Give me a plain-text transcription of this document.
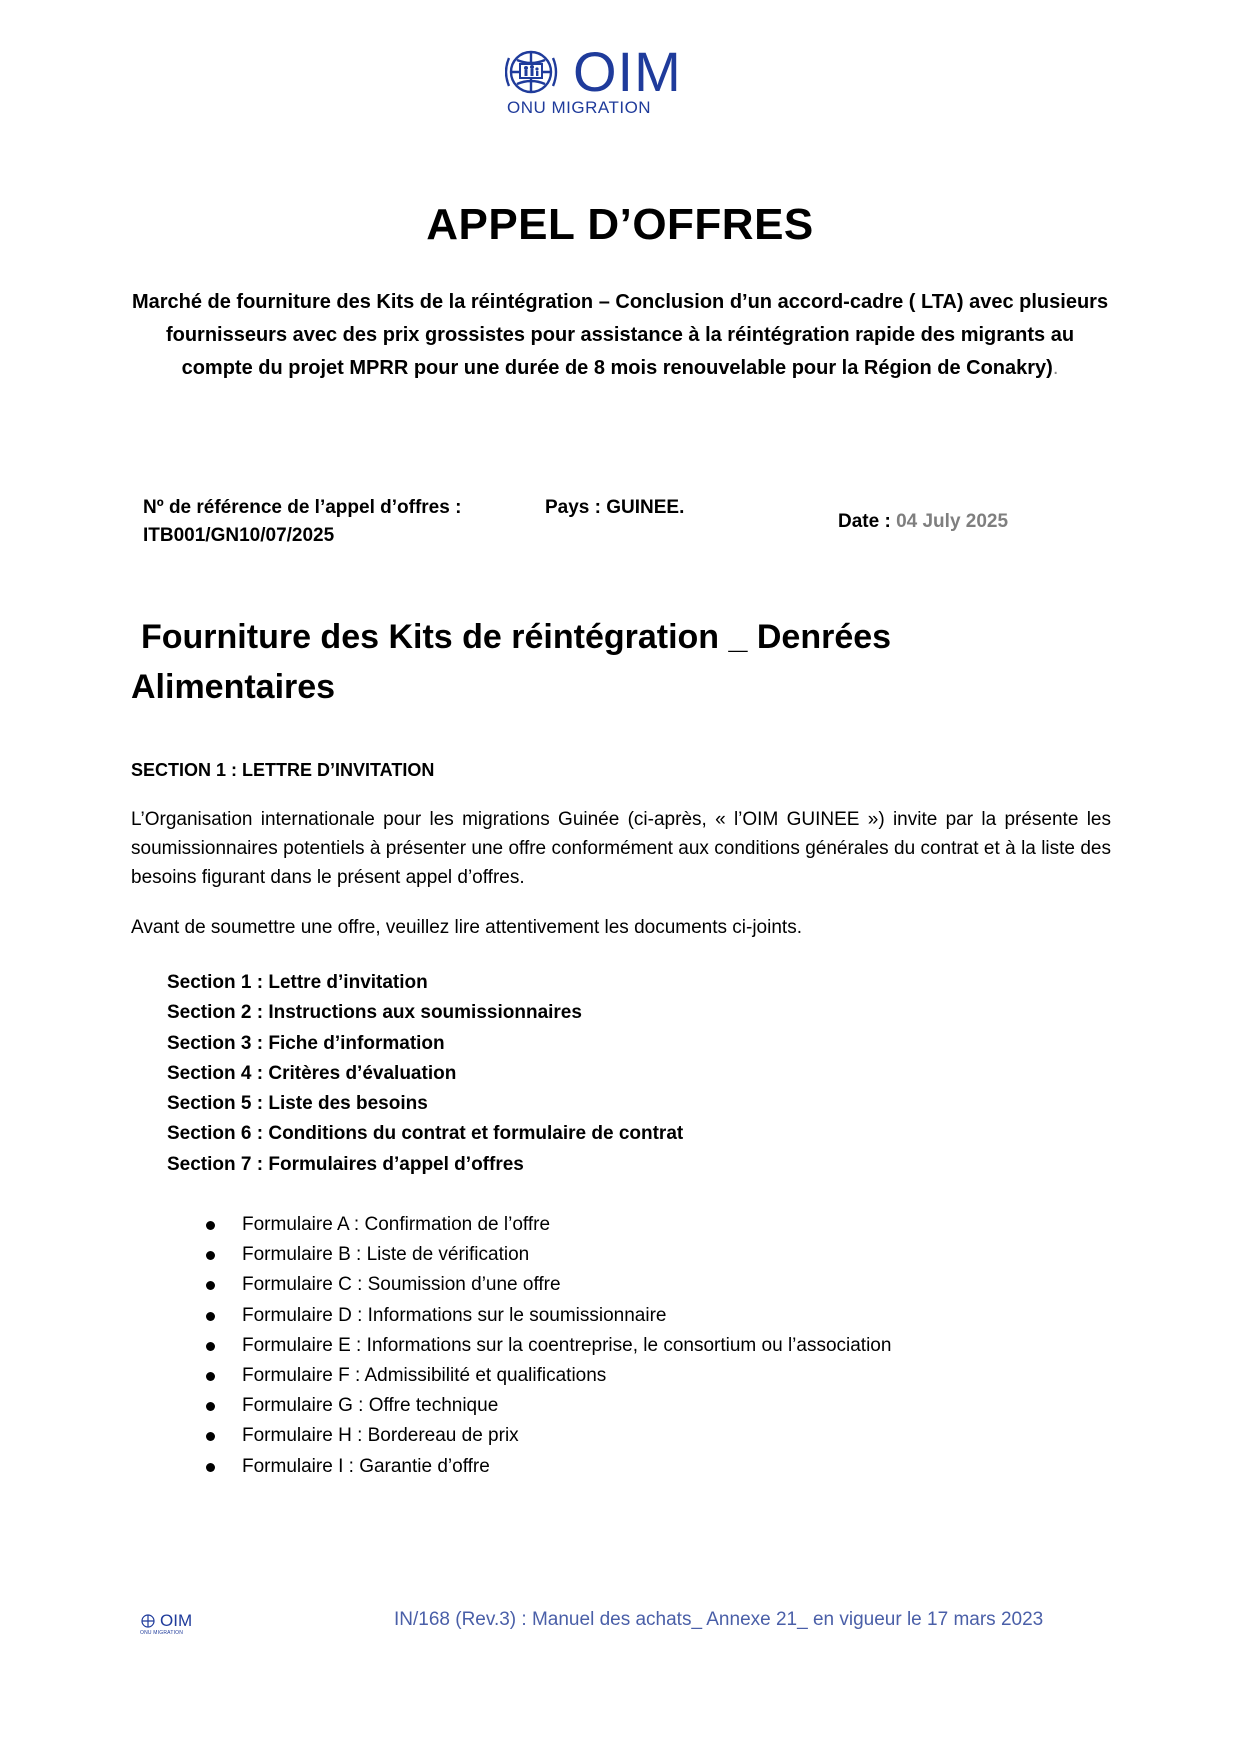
OIM
ONU MIGRATION
APPEL D’OFFRES
Marché de fourniture des Kits de la réintégration – Conclusion d’un accord-cadre ( LTA) avec plusieurs fournisseurs avec des prix grossistes pour assistance à la réintégration rapide des migrants au compte du projet MPRR pour une durée de 8 mois renouvelable pour la Région de Conakry).
Nº de référence de l’appel d’offres :
ITB001/GN10/07/2025
Pays : GUINEE.
Date : 04 July 2025
Fourniture des Kits de réintégration _ Denrées
Alimentaires
SECTION 1 : LETTRE D’INVITATION
L’Organisation internationale pour les migrations Guinée (ci-après, « l’OIM GUINEE ») invite par la présente les soumissionnaires potentiels à présenter une offre conformément aux conditions générales du contrat et à la liste des besoins figurant dans le présent appel d’offres.
Avant de soumettre une offre, veuillez lire attentivement les documents ci-joints.
Section 1 : Lettre d’invitation
Section 2 : Instructions aux soumissionnaires
Section 3 : Fiche d’information
Section 4 : Critères d’évaluation
Section 5 : Liste des besoins
Section 6 : Conditions du contrat et formulaire de contrat
Section 7 : Formulaires d’appel d’offres
Formulaire A : Confirmation de l’offre
Formulaire B : Liste de vérification
Formulaire C : Soumission d’une offre
Formulaire D : Informations sur le soumissionnaire
Formulaire E : Informations sur la coentreprise, le consortium ou l’association
Formulaire F : Admissibilité et qualifications
Formulaire G : Offre technique
Formulaire H : Bordereau de prix
Formulaire I : Garantie d’offre
OIM
ONU MIGRATION
IN/168 (Rev.3) : Manuel des achats_ Annexe 21_ en vigueur le 17 mars 2023
